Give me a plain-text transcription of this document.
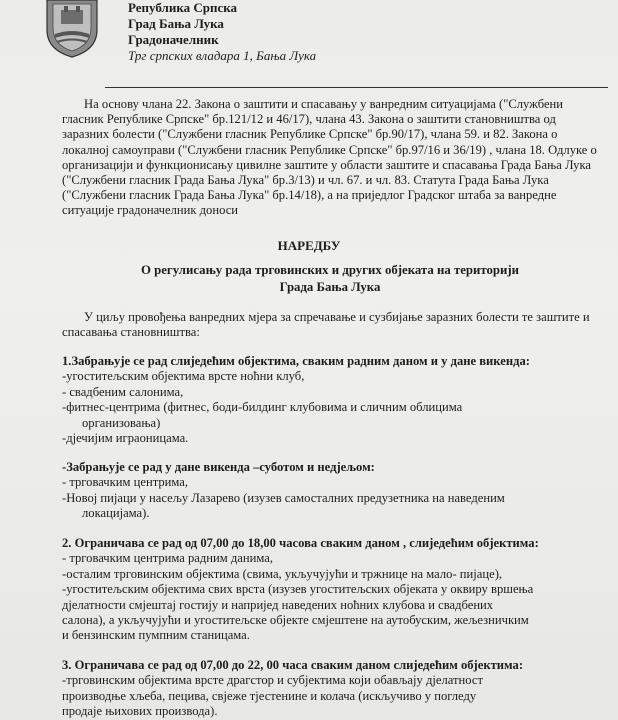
Република Српска
Град Бања Лука
Градоначелник
Трг српских владара 1, Бања Лука

На основу члана 22. Закона о заштити и спасавању у ванредним ситуацијама ("Службени гласник Републике Српске" бр.121/12 и 46/17), члана 43. Закона о заштити становништва од заразних болести ("Службени гласник Републике Српске" бр.90/17), члана 59. и 82. Закона о локалној самоуправи ("Службени гласник Републике Српске" бр.97/16 и 36/19) , члана 18. Одлуке о организацији и функционисању цивилне заштите у области заштите и спасавања Града Бања Лука ("Службени гласник Града Бања Лука" бр.3/13) и чл. 67. и чл. 83. Статута Града Бања Лука ("Службени гласник Града Бања Лука" бр.14/18), а на приједлог Градског штаба за ванредне ситуације градоначелник доноси

НАРЕДБУ
О регулисању рада трговинских и других објеката на територији
Града Бања Лука

У циљу провођења ванредних мјера за спречавање и сузбијање заразних болести те заштите и спасавања становништва:

1.Забрањује се рад слиједећим објектима, сваким радним даном и у дане викенда:
-угоститељским објектима врсте ноћни клуб,
- свадбеним салонима,
-фитнес-центрима (фитнес, боди-билдинг клубовима и сличним облицима
организовања)
-дјечијим играоницама.
-Забрањује се рад у дане викенда –суботом и недјељом:
- трговачким центрима,
-Новој пијаци у насељу Лазарево (изузев самосталних предузетника на наведеним
локацијама).
2. Ограничава се рад од 07,00 до 18,00 часова сваким даном , слиједећим објектима:
- трговачким центрима радним данима,
-осталим трговинским објектима (свима, укључујући и тржнице на мало- пијаце),
-угоститељским објектима свих врста (изузев угоститељских објеката у оквиру вршења
дјелатности смјештај гостију и напријед наведених ноћних клубова и свадбених
салона), а укључујући и угоститељске објекте смјештене на аутобуским, жељезничким
и бензинским пумпним станицама.
3. Ограничава се рад од 07,00 до 22, 00 часа сваким даном слиједећим објектима:
-трговинским објектима врсте драгстор и субјектима који обављају дјелатност
производње хљеба, пецива, свјеже тјестенине и колача (искључиво у погледу
продаје њихових производа).
